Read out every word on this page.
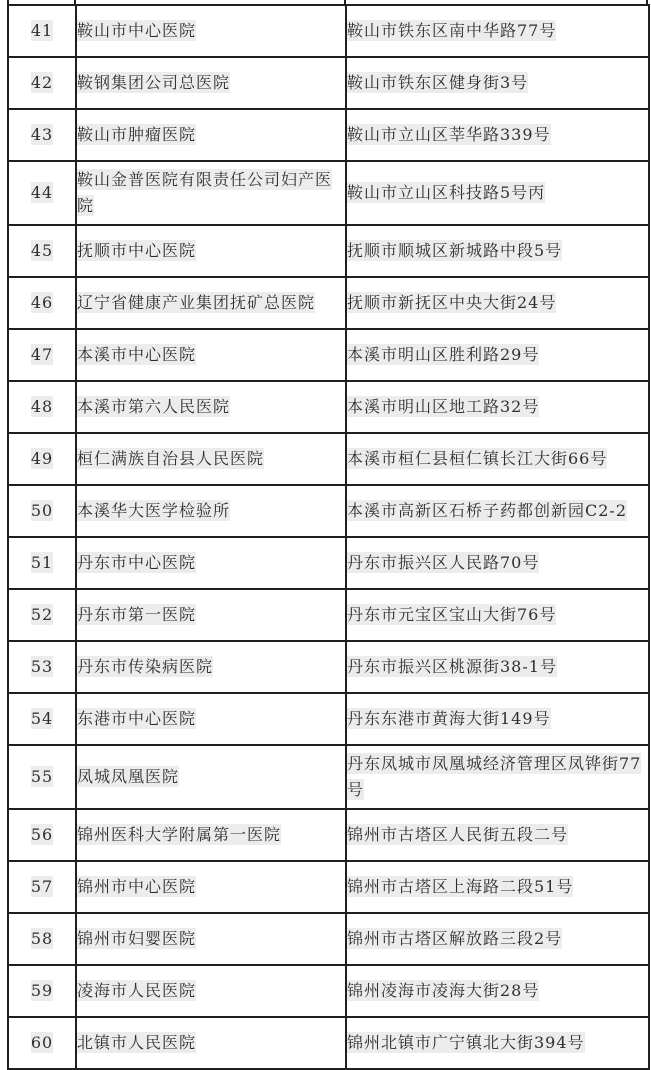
41	鞍山市中心医院	鞍山市铁东区南中华路77号
42	鞍钢集团公司总医院	鞍山市铁东区健身街3号
43	鞍山市肿瘤医院	鞍山市立山区莘华路339号
44	鞍山金普医院有限责任公司妇产医院	鞍山市立山区科技路5号丙
45	抚顺市中心医院	抚顺市顺城区新城路中段5号
46	辽宁省健康产业集团抚矿总医院	抚顺市新抚区中央大街24号
47	本溪市中心医院	本溪市明山区胜利路29号
48	本溪市第六人民医院	本溪市明山区地工路32号
49	桓仁满族自治县人民医院	本溪市桓仁县桓仁镇长江大街66号
50	本溪华大医学检验所	本溪市高新区石桥子药都创新园C2-2
51	丹东市中心医院	丹东市振兴区人民路70号
52	丹东市第一医院	丹东市元宝区宝山大街76号
53	丹东市传染病医院	丹东市振兴区桃源街38-1号
54	东港市中心医院	丹东东港市黄海大街149号
55	凤城凤凰医院	丹东凤城市凤凰城经济管理区凤铧街77号
56	锦州医科大学附属第一医院	锦州市古塔区人民街五段二号
57	锦州市中心医院	锦州市古塔区上海路二段51号
58	锦州市妇婴医院	锦州市古塔区解放路三段2号
59	凌海市人民医院	锦州凌海市凌海大街28号
60	北镇市人民医院	锦州北镇市广宁镇北大街394号
